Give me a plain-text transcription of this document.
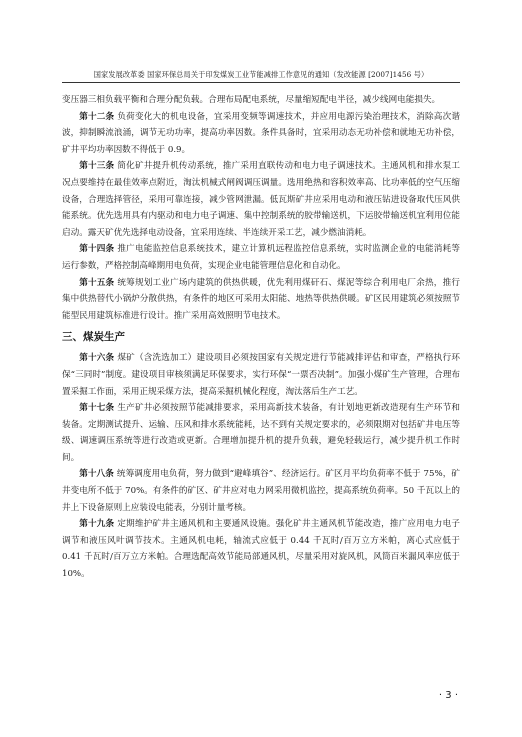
国家发展改革委 国家环保总局关于印发煤炭工业节能减排工作意见的通知（发改能源 [2007]1456 号）

变压器三相负载平衡和合理分配负载。合理布局配电系统，尽量缩短配电半径，减少线网电能损失。

第十二条 负荷变化大的机电设备，宜采用变频等调速技术，并应用电源污染治理技术，消除高次谐波，抑制瞬流浪涌，调节无功功率，提高功率因数。条件具备时，宜采用动态无功补偿和就地无功补偿，矿井平均功率因数不得低于 0.9。

第十三条 简化矿井提升机传动系统，推广采用直联传动和电力电子调速技术。主通风机和排水泵工况点要维持在最佳效率点附近，淘汰机械式闸阀调压调量。选用绝热和容积效率高、比功率低的空气压缩设备，合理选择管径，采用可靠连接，减少管网泄漏。低瓦斯矿井应采用电动和液压钻进设备取代压风供能系统。优先选用具有内驱动和电力电子调速、集中控制系统的胶带输送机，下运胶带输送机宜利用位能启动。露天矿优先选择电动设备，宜采用连续、半连续开采工艺，减少燃油消耗。

第十四条 推广电能监控信息系统技术，建立计算机远程监控信息系统，实时监测企业的电能消耗等运行参数，严格控制高峰期用电负荷，实现企业电能管理信息化和自动化。

第十五条 统筹规划工业广场内建筑的供热供暖，优先利用煤矸石、煤泥等综合利用电厂余热，推行集中供热替代小锅炉分散供热，有条件的地区可采用太阳能、地热等供热供暖。矿区民用建筑必须按照节能型民用建筑标准进行设计。推广采用高效照明节电技术。

三、煤炭生产

第十六条 煤矿（含洗选加工）建设项目必须按国家有关规定进行节能减排评估和审查，严格执行环保“三同时”制度。建设项目审核须满足环保要求，实行环保“一票否决制”。加强小煤矿生产管理，合理布置采掘工作面，采用正规采煤方法，提高采掘机械化程度，淘汰落后生产工艺。

第十七条 生产矿井必须按照节能减排要求，采用高新技术装备，有计划地更新改造现有生产环节和装备。定期测试提升、运输、压风和排水系统能耗，达不到有关规定要求的，必须限期对包括矿井电压等级、调速调压系统等进行改造或更新。合理增加提升机的提升负载，避免轻载运行，减少提升机工作时间。

第十八条 统筹调度用电负荷，努力做到“避峰填谷”、经济运行。矿区月平均负荷率不低于 75%，矿井变电所不低于 70%。有条件的矿区、矿井应对电力网采用微机监控，提高系统负荷率。50 千瓦以上的井上下设备原则上应装设电能表，分别计量考核。

第十九条 定期维护矿井主通风机和主要通风设施。强化矿井主通风机节能改造，推广应用电力电子调节和液压风叶调节技术。主通风机电耗，轴流式应低于 0.44 千瓦时/百万立方米帕，离心式应低于 0.41 千瓦时/百万立方米帕。合理选配高效节能局部通风机，尽量采用对旋风机，风筒百米漏风率应低于 10%。

· 3 ·
